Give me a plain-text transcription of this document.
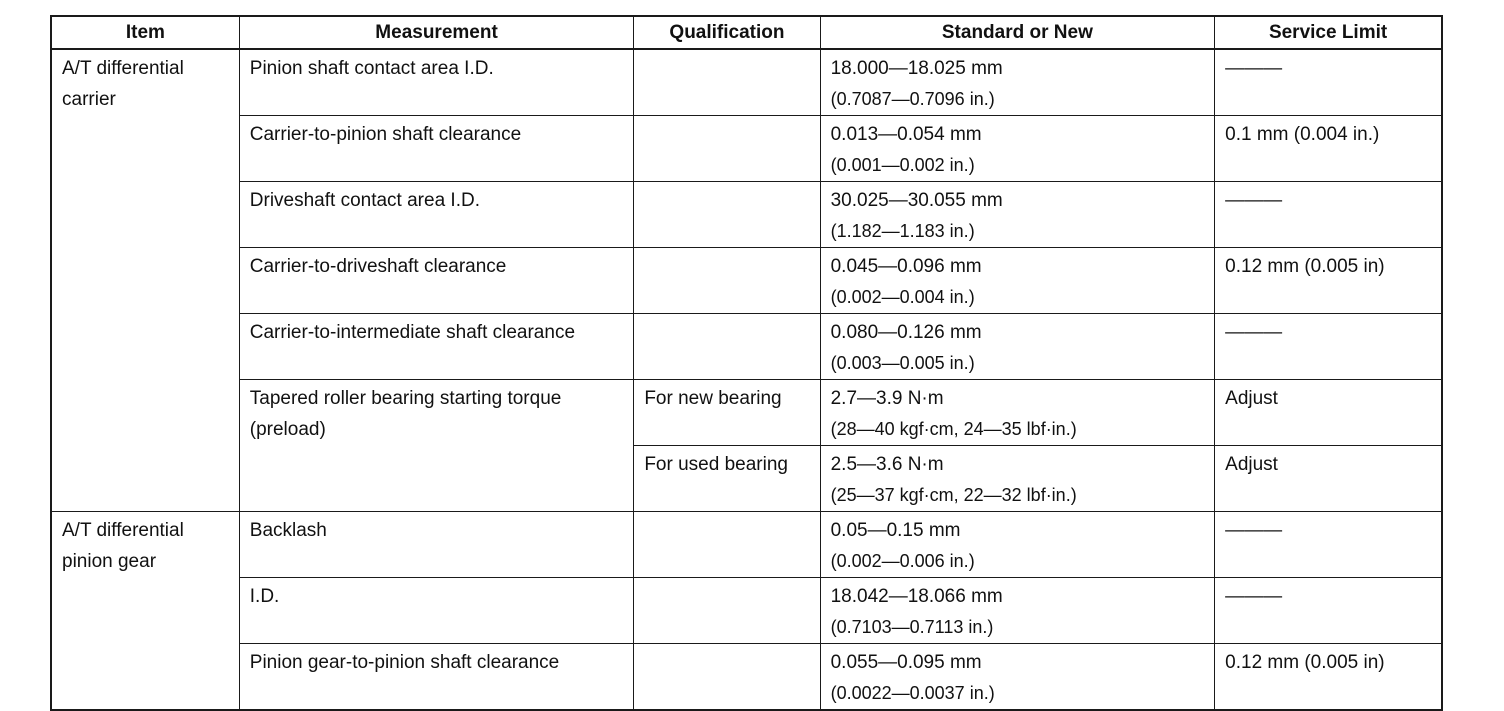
Item	Measurement	Qualification	Standard or New	Service Limit

A/T differential
carrier	Pinion shaft contact area I.D.		18.000—18.025 mm
(0.7087—0.7096 in.)	———

	Carrier-to-pinion shaft clearance		0.013—0.054 mm
(0.001—0.002 in.)	0.1 mm (0.004 in.)

	Driveshaft contact area I.D.		30.025—30.055 mm
(1.182—1.183 in.)	———

	Carrier-to-driveshaft clearance		0.045—0.096 mm
(0.002—0.004 in.)	0.12 mm (0.005 in)

	Carrier-to-intermediate shaft clearance		0.080—0.126 mm
(0.003—0.005 in.)	———

	Tapered roller bearing starting torque
(preload)	For new bearing	2.7—3.9 N·m
(28—40 kgf·cm, 24—35 lbf·in.)	Adjust

		For used bearing	2.5—3.6 N·m
(25—37 kgf·cm, 22—32 lbf·in.)	Adjust

A/T differential
pinion gear	Backlash		0.05—0.15 mm
(0.002—0.006 in.)	———

	I.D.		18.042—18.066 mm
(0.7103—0.7113 in.)	———

	Pinion gear-to-pinion shaft clearance		0.055—0.095 mm
(0.0022—0.0037 in.)	0.12 mm (0.005 in)
